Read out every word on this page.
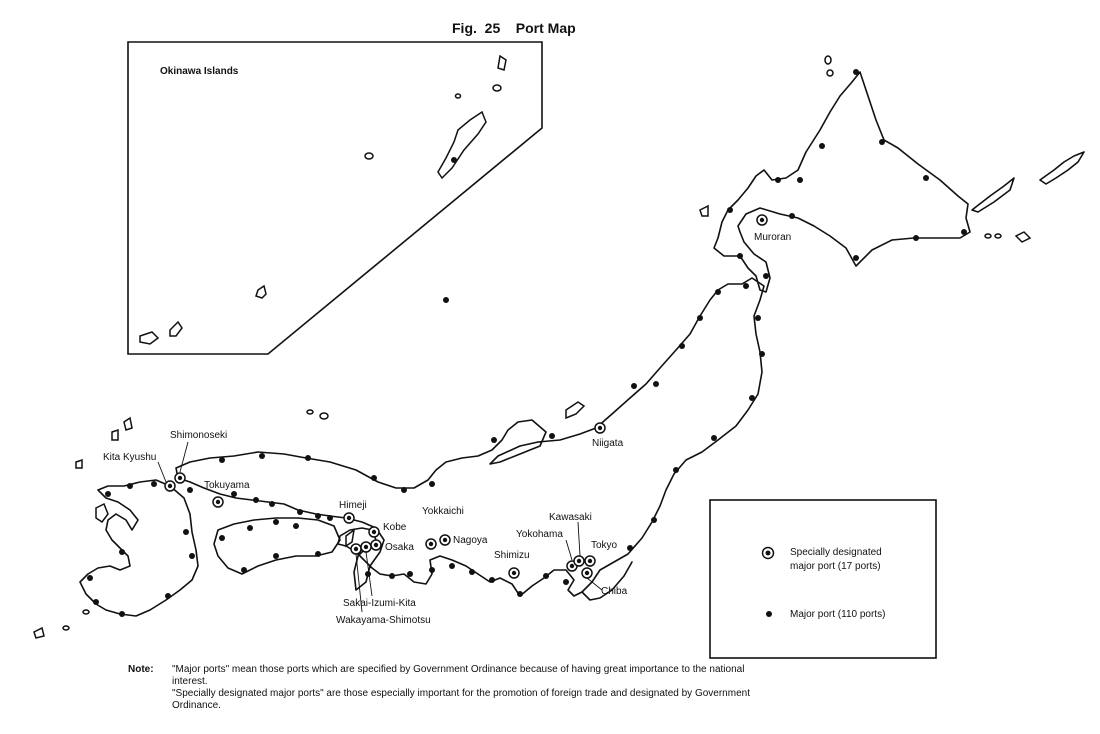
Fig.  25    Port Map
Okinawa Islands
Muroran
Niigata
Shimonoseki
Kita Kyushu
Tokuyama
Himeji
Kobe
Osaka
Sakai-Izumi-Kita
Wakayama-Shimotsu
Yokkaichi
Nagoya
Shimizu
Yokohama
Kawasaki
Tokyo
Chiba
Specially designated
major port (17 ports)
Major port (110 ports)
Note: "Major ports" mean those ports which are specified by Government Ordinance because of having great importance to the national

interest.

"Specially designated major ports" are those especially important for the promotion of foreign trade and designated by Government

Ordinance.
